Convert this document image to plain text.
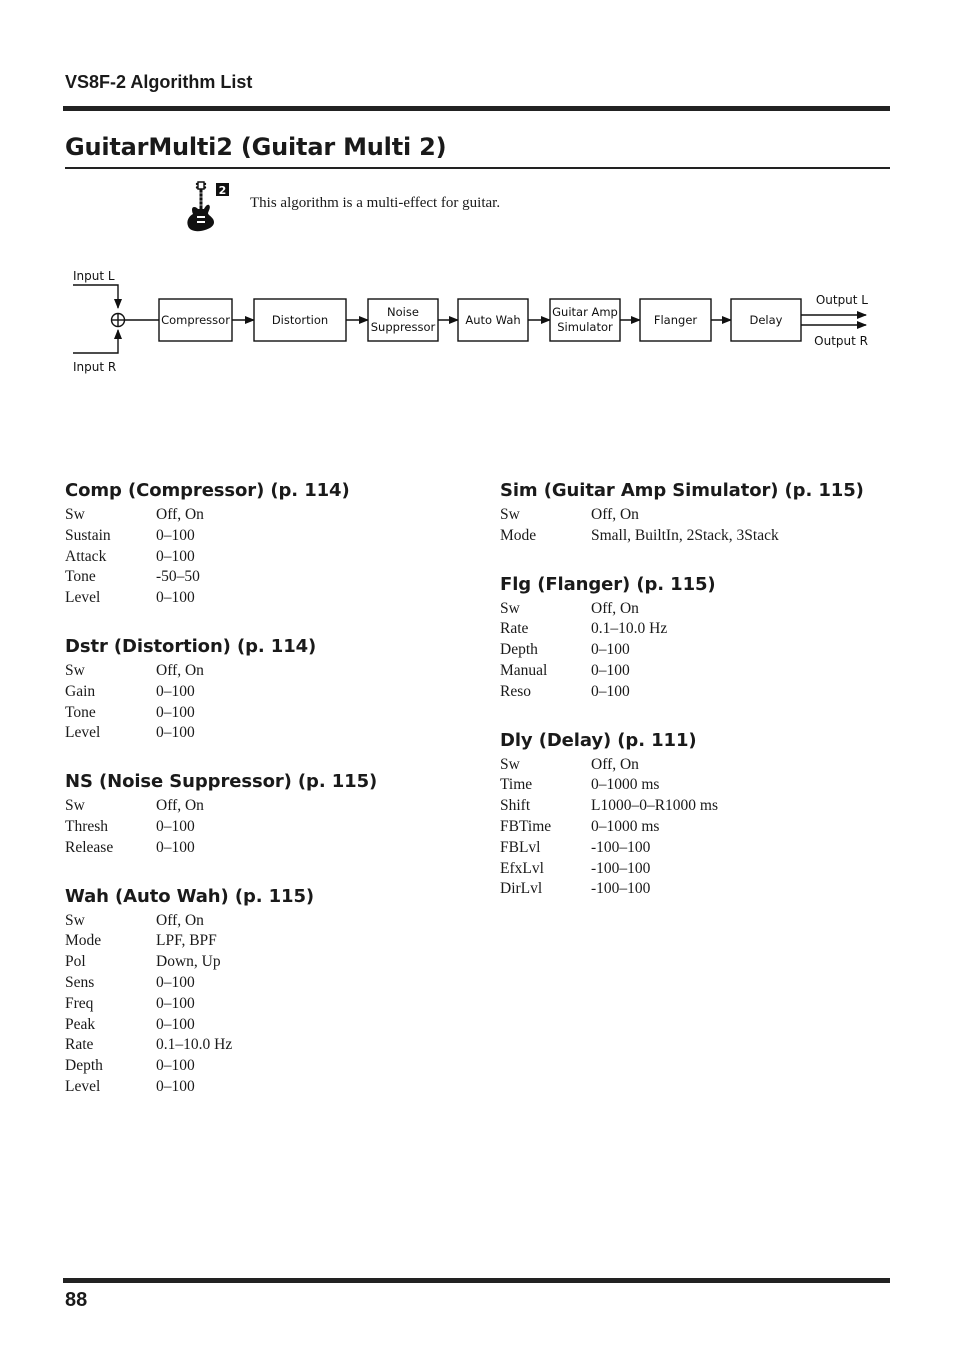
VS8F-2 Algorithm List
GuitarMulti2 (Guitar Multi 2)
2
This algorithm is a multi-effect for guitar.
Input L
Input R
Output L
Output R
Compressor	Distortion
Noise
Suppressor	Auto Wah
Guitar Amp
Simulator	Flanger	Delay
Comp (Compressor) (p. 114)
Sw	Off, On
Sustain	0–100
Attack	0–100
Tone	-50–50
Level	0–100
Dstr (Distortion) (p. 114)
Sw	Off, On
Gain	0–100
Tone	0–100
Level	0–100
NS (Noise Suppressor) (p. 115)
Sw	Off, On
Thresh	0–100
Release	0–100
Wah (Auto Wah) (p. 115)
Sw	Off, On
Mode	LPF, BPF
Pol	Down, Up
Sens	0–100
Freq	0–100
Peak	0–100
Rate	0.1–10.0 Hz
Depth	0–100
Level	0–100
Sim (Guitar Amp Simulator) (p. 115)
Sw	Off, On
Mode	Small, BuiltIn, 2Stack, 3Stack
Flg (Flanger) (p. 115)
Sw	Off, On
Rate	0.1–10.0 Hz
Depth	0–100
Manual	0–100
Reso	0–100
Dly (Delay) (p. 111)
Sw	Off, On
Time	0–1000 ms
Shift	L1000–0–R1000 ms
FBTime	0–1000 ms
FBLvl	-100–100
EfxLvl	-100–100
DirLvl	-100–100
88
